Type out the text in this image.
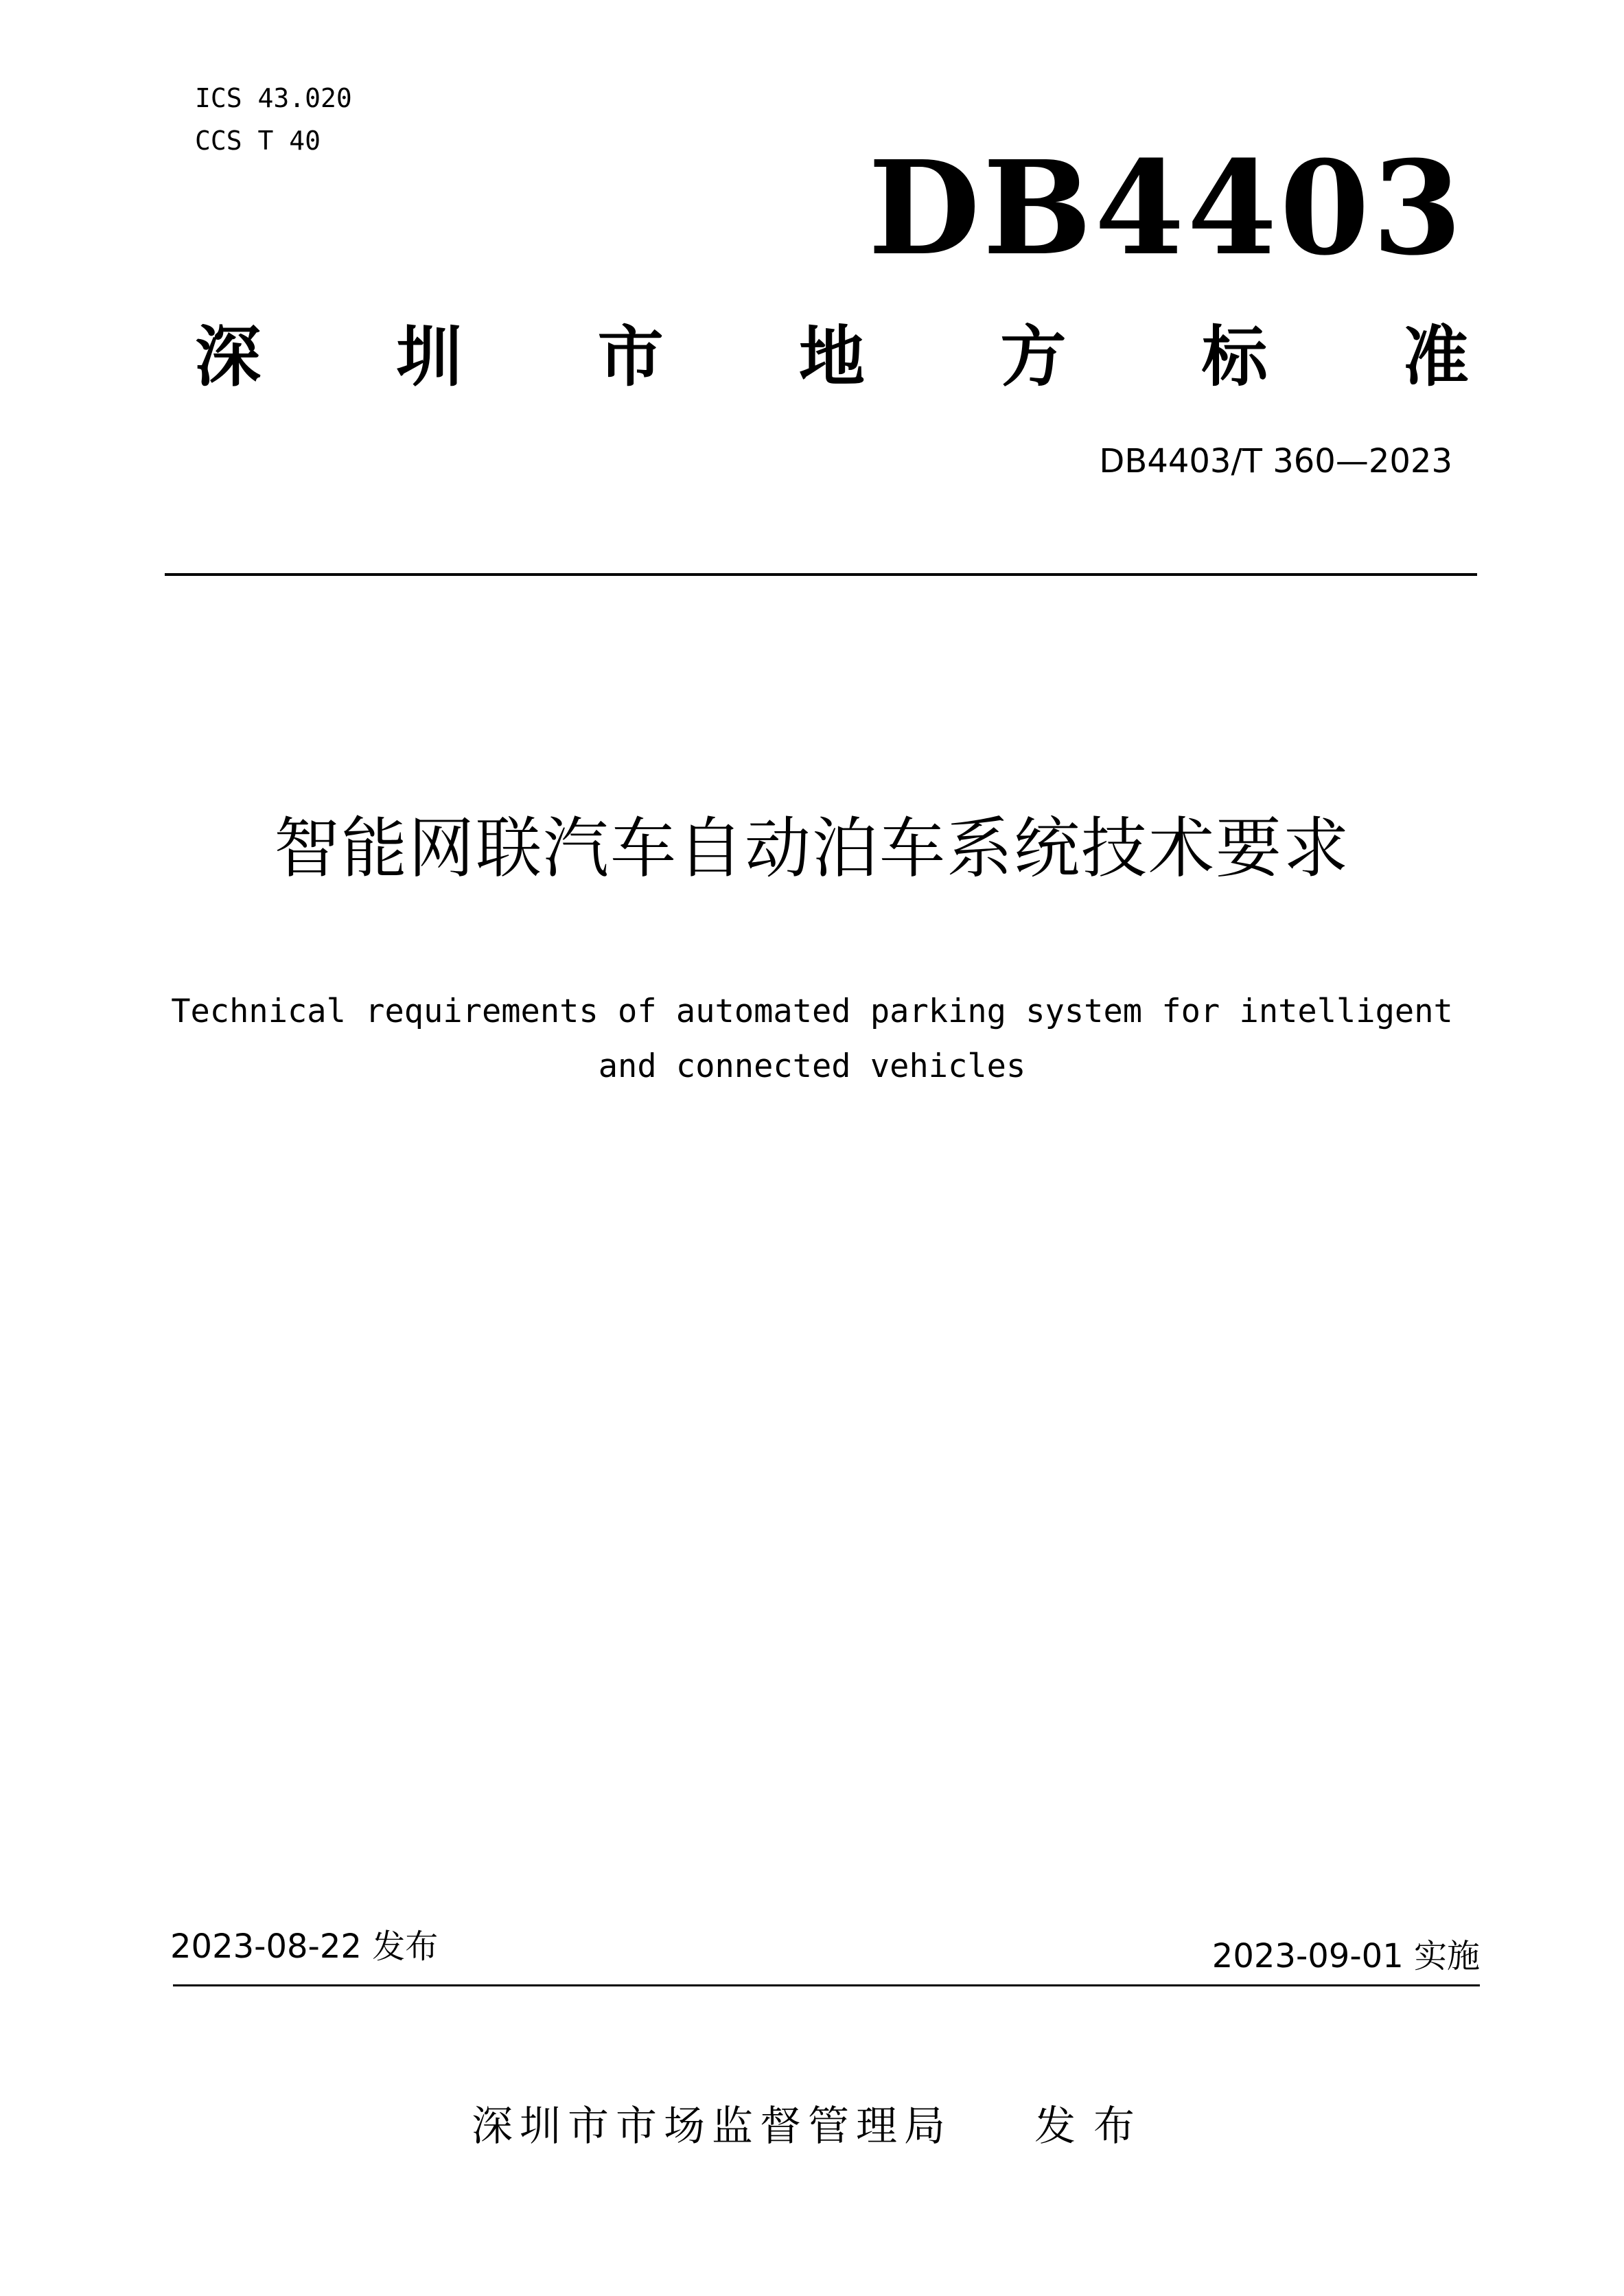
ICS 43.020
CCS T 40	DB4403
深 圳 市 地 方 标 准
DB4403/T 360—2023
智能网联汽车自动泊车系统技术要求
Technical requirements of automated parking system for intelligent
and connected vehicles
2023-08-22 发布	2023-09-01 实施
深圳市市场监督管理局 发布
